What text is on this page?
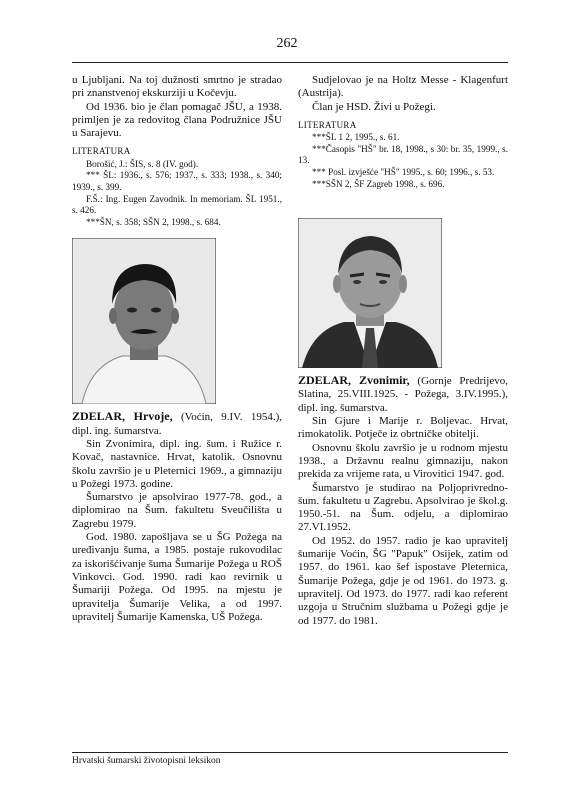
262

u Ljubljani. Na toj dužnosti smrtno je stradao pri znanstvenoj ekskurziji u Kočevju.

Od 1936. bio je član pomagač JŠU, a 1938. primljen je za redovitog člana Podružnice JŠU u Sarajevu.

LITERATURA

Borošić, J.: ŠIS, s. 8 (IV. god).

*** ŠL: 1936., s. 576; 1937., s. 333; 1938., s. 340; 1939., s. 399.

F.Š.: Ing. Eugen Zavodnik. In memoriam. ŠL 1951., s. 426.

***ŠN, s. 358; SŠN 2, 1998., s. 684.

ZDELAR, Hrvoje, (Voćin, 9.IV. 1954.), dipl. ing. šumarstva.

Sin Zvonimira, dipl. ing. šum. i Ružice r. Kovač, nastavnice. Hrvat, katolik. Osnovnu školu završio je u Pleternici 1969., a gimnaziju u Požegi 1973. godine.

Šumarstvo je apsolvirao 1977-78. god., a diplomirao na Šum. fakultetu Sveučilišta u Zagrebu 1979.

God. 1980. zapošljava se u ŠG Požega na uređivanju šuma, a 1985. postaje rukovodilac za iskorišćivanje šuma Šumarije Požega u ROŠ Vinkovci. God. 1990. radi kao revirnik u Šumariji Požega. Od 1995. na mjestu je upravitelja Šumarije Velika, a od 1997. upravitelj Šumarije Kamenska, UŠ Požega.

Sudjelovao je na Holtz Messe - Klagenfurt (Austrija).

Član je HSD. Živi u Požegi.

LITERATURA

***ŠL 1 2, 1995., s. 61.

***Časopis "HŠ" br. 18, 1998., s 30: br. 35, 1999., s. 13.

*** Posl. izvješće "HŠ" 1995., s. 60; 1996., s. 53.

***SŠN 2, ŠF Zagreb 1998., s. 696.

ZDELAR, Zvonimir, (Gornje Predrijevo, Slatina, 25.VIII.1925. - Požega, 3.IV.1995.), dipl. ing. šumarstva.

Sin Gjure i Marije r. Boljevac. Hrvat, rimokatolik. Potječe iz obrtničke obitelji.

Osnovnu školu završio je u rodnom mjestu 1938., a Državnu realnu gimnaziju, nakon prekida za vrijeme rata, u Virovitici 1947. god.

Šumarstvo je studirao na Poljoprivredno-šum. fakultetu u Zagrebu. Apsolvirao je škol.g. 1950.-51. na Šum. odjelu, a diplomirao 27.VI.1952.

Od 1952. do 1957. radio je kao upravitelj šumarije Voćin, ŠG "Papuk" Osijek, zatim od 1957. do 1961. kao šef ispostave Pleternica, Šumarije Požega, gdje je od 1961. do 1973. g. upravitelj. Od 1973. do 1977. radi kao referent uzgoja u Stručnim službama u Požegi gdje je od 1977. do 1981.

Hrvatski šumarski životopisni leksikon
